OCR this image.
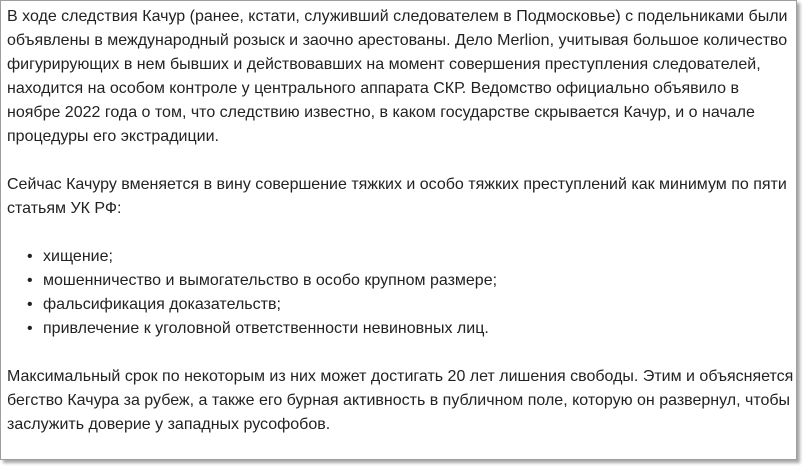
В ходе следствия Качур (ранее, кстати, служивший следователем в Подмосковье) с подельниками были объявлены в международный розыск и заочно арестованы. Дело Merlion, учитывая большое количество фигурирующих в нем бывших и действовавших на момент совершения преступления следователей, находится на особом контроле у центрального аппарата СКР. Ведомство официально объявило в ноябре 2022 года о том, что следствию известно, в каком государстве скрывается Качур, и о начале процедуры его экстрадиции.

Сейчас Качуру вменяется в вину совершение тяжких и особо тяжких преступлений как минимум по пяти статьям УК РФ:

• хищение;
• мошенничество и вымогательство в особо крупном размере;
• фальсификация доказательств;
• привлечение к уголовной ответственности невиновных лиц.

Максимальный срок по некоторым из них может достигать 20 лет лишения свободы. Этим и объясняется бегство Качура за рубеж, а также его бурная активность в публичном поле, которую он развернул, чтобы заслужить доверие у западных русофобов.
